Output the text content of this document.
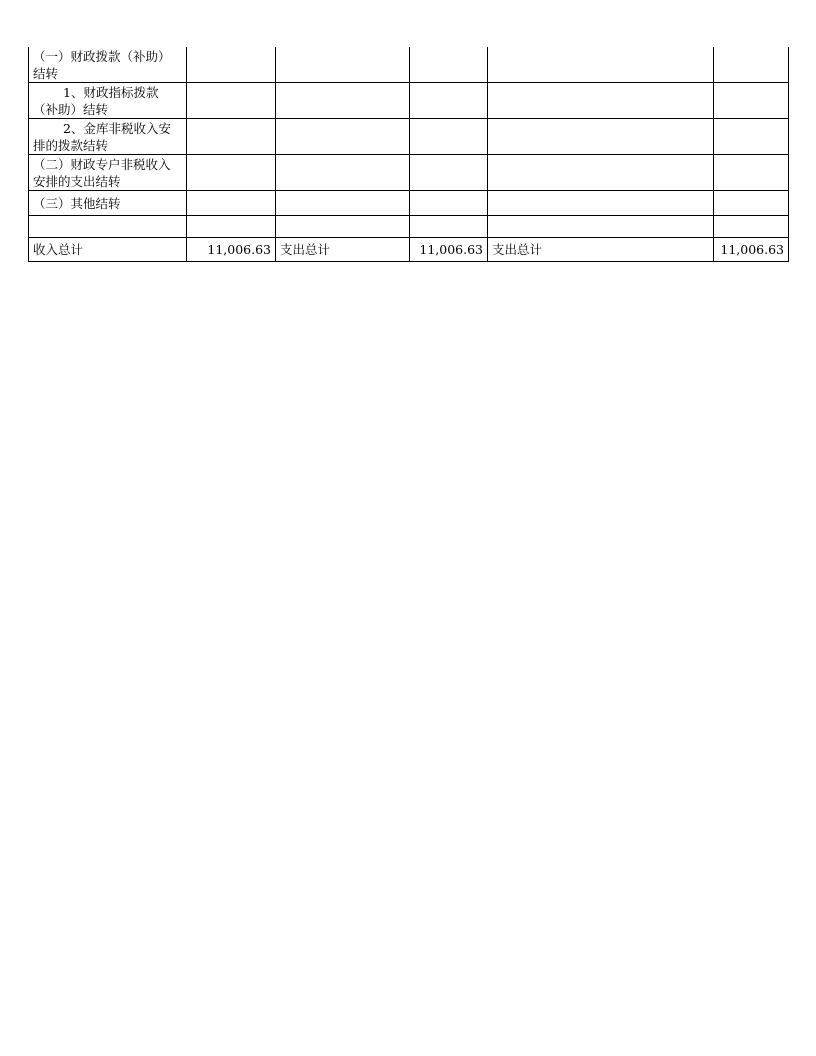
（一）财政拨款（补助）结转					
1、财政指标拨款（补助）结转					
2、金库非税收入安排的拨款结转					
（二）财政专户非税收入安排的支出结转					
（三）其他结转					

收入总计	11,006.63	支出总计	11,006.63	支出总计	11,006.63
